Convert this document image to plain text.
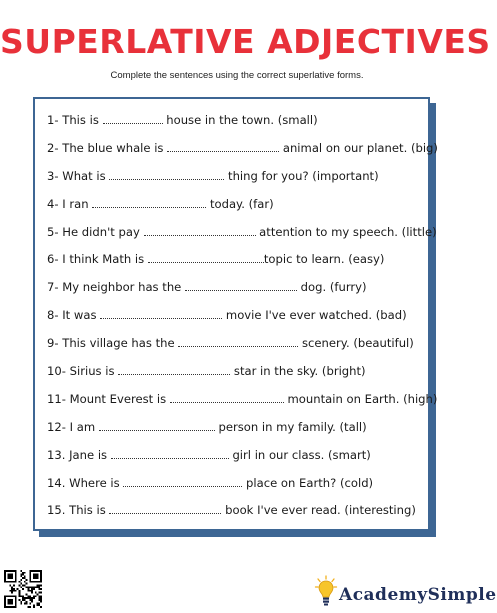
SUPERLATIVE ADJECTIVES
Complete the sentences using the correct superlative forms.
1- This is	house in the town. (small)
2- The blue whale is	animal on our planet. (big)
3- What is	thing for you? (important)
4- I ran	today. (far)
5- He didn't pay	attention to my speech. (little)
6- I think Math is	topic to learn. (easy)
7- My neighbor has the	dog. (furry)
8- It was	movie I've ever watched. (bad)
9- This village has the	scenery. (beautiful)
10- Sirius is	star in the sky. (bright)
11- Mount Everest is	mountain on Earth. (high)
12- I am	person in my family. (tall)
13. Jane is	girl in our class. (smart)
14. Where is	place on Earth? (cold)
15. This is	book I've ever read. (interesting)
AcademySimple
